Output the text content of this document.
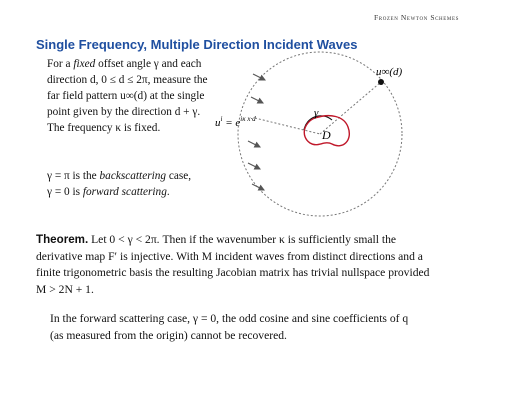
Frozen Newton Schemes
Single Frequency, Multiple Direction Incident Waves
For a fixed offset angle γ and each direction d, 0 ≤ d ≤ 2π, measure the far field pattern u∞(d) at the single point given by the direction d + γ.
The frequency κ is fixed.
γ = π is the backscattering case, γ = 0 is forward scattering.
γ
D
u∞(d)
$u^i = e^{i\kappa x\cdot d}$
Theorem. Let 0 < γ < 2π. Then if the wavenumber κ is sufficiently small the derivative map F′ is injective. With M incident waves from distinct directions and a finite trigonometric basis the resulting Jacobian matrix has trivial nullspace provided M > 2N + 1.
In the forward scattering case, γ = 0, the odd cosine and sine coefficients of q (as measured from the origin) cannot be recovered.
